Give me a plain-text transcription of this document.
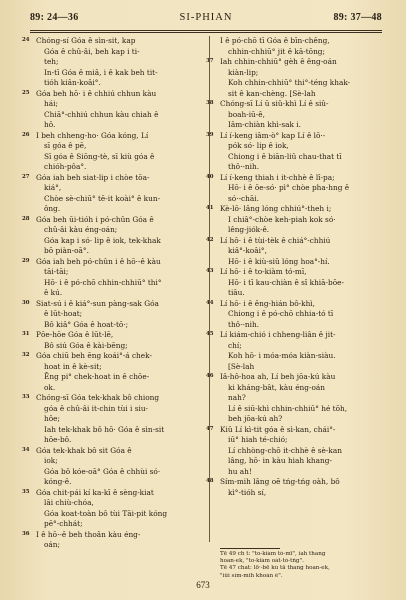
89: 24—36	SI-PHIAN	89: 37—48
24 Chóng-sí Góa ê sìn-sit, kap
Góa ê chû-âi, beh kap i ti-
teh;
In-tī Góa ê miâ, i ê kak beh tit-
tióh kiân-koâi°.
25 Góa beh hō· i ê chhiú chhun kàu
hái;
Chiā°-chhiú chhun kàu chiah ê
hô.
26 I beh chheng-ho· Góa kóng, Lí
sī góa ê pē,
Sī góa ê Siōng-tè, sī kiù góa ê
chióh-pôa°.
27 Góa iah beh siat-lip i chòe tōa-
kiá°,
Chòe sè-chiū° tē-it koài° ê kun-
ông.
28 Góa beh ūi-tióh i pó-chûn Góa ê
chû-âi kàu éng-oán;
Góa kap i só· lip ê iok, tek-khak
bō piàn-oā°.
29 Góa iah beh pó-chûn i ê hō·-ê kàu
tāi-tāi;
Hō· i ê pó-chō chhin-chhiū° thi°
ê kú.
30 Siat-sú i ê kiá°-sun pàng-sak Góa
ê lūt-hoat;
Bô kiâ° Góa ê hoat-tō·;
31 Pōe-hōe Góa ê lūt-lē,
Bô siú Góa ê kài-bēng;
32 Góa chiū beh ēng koái°-á chek-
hoat in ê kè-sit;
Ēng pi° chek-hoat in ê chōe-
ok.
33 Chóng-sī Góa tek-khak bô chiong
góa ê chû-âi it-chin tùi i siu-
hôe;
Iah tek-khak bô hō· Góa ê sìn-sit
hōe-bô.
34 Góa tek-khak bô sit Góa ê
iok;
Góa bô kóe-oā° Góa ê chhùi só·
kóng-ê.
35 Góa chit-pái kí ka-kī ê sèng-kiat
lâi chiù-chóa,
Góa koat-toàn bô tùi Tāi-pit kóng
pē°-chhát;
36 I ê hō·-ê beh thoân kàu éng-
oán;
I ê pó-chō tī Góa ê bīn-chêng,
chhin-chhiū° jit ê kā-tōng;
37 Iah chhin-chhiū° gèh ê êng-oán
kiàn-lip;
Koh chhin-chhiū° thi°-téng khak-
sit ê kan-chèng. [Sè-lah
38 Chóng-sī Lí ū siû-khì Lí ê siû-
boah-iū-ê,
Iâm-chiàn khì-sak i.
39 Lí í-keng iâm-ò° kap Lí ê lō·-
pók só· lip ê iok,
Chiong i ê biān-liû chau-that tī
thô·-nih.
40 Lí í-keng thiah i it-chhè ê lî-pa;
Hō· i ê ōe-só· pì° chòe pha-hng ê
só·-chāi.
41 Kè-lō· lâng lóng chhiú°-theh i;
I chiâ°-chòe keh-piah kok só·
lêng-jiók-ê.
42 Lí hō· i ê tùi-tèk ê chiá°-chhiú
kiâ°-koâi°,
Hō· i ê kiù-siû lóng hoa°-hí.
43 Lí hō· i ê to-kiàm tó-mī,
Hō· i tī kau-chiàn ê sî khiā-bōe-
tiâu.
44 Lí hō· i ê êng-hián bô-khì,
Chiong i ê pó-chō chhia-tó tī
thô·-nih.
45 Lí kiám-chió i chheng-liân ê jit-
chí;
Koh hō· i móa-móa kiàn-siàu.
[Sè-lah
46 Iâ-hô-hoa ah, Lí beh jōa-kú kàu
ki kháng-bât, kàu éng-oán
nah?
Lí ê siū-khì chhin-chhiū° hé tōh,
beh jōa-kú ah?
47 Kiû Lí kì-tit góa ê sì-kan, chái°-
iū° hiah té-chió;
Lí chhòng-chō it-chhè ê sè-kan
lâng, hō· in kàu hiah khang-
hu ah!
48 Sím-mih lâng oē tńg-tńg oàh, bô
kì°-tióh sí,
Tē 49 ch t: "to-kiàm tó-mī", iah thang
hoan-ek, "to-kiàm oát-tò-tńg".
Tē 47 chat: lō·-bē kù tā thang hoan-ek,
"iûi sím-mih khoàn ê".
673
